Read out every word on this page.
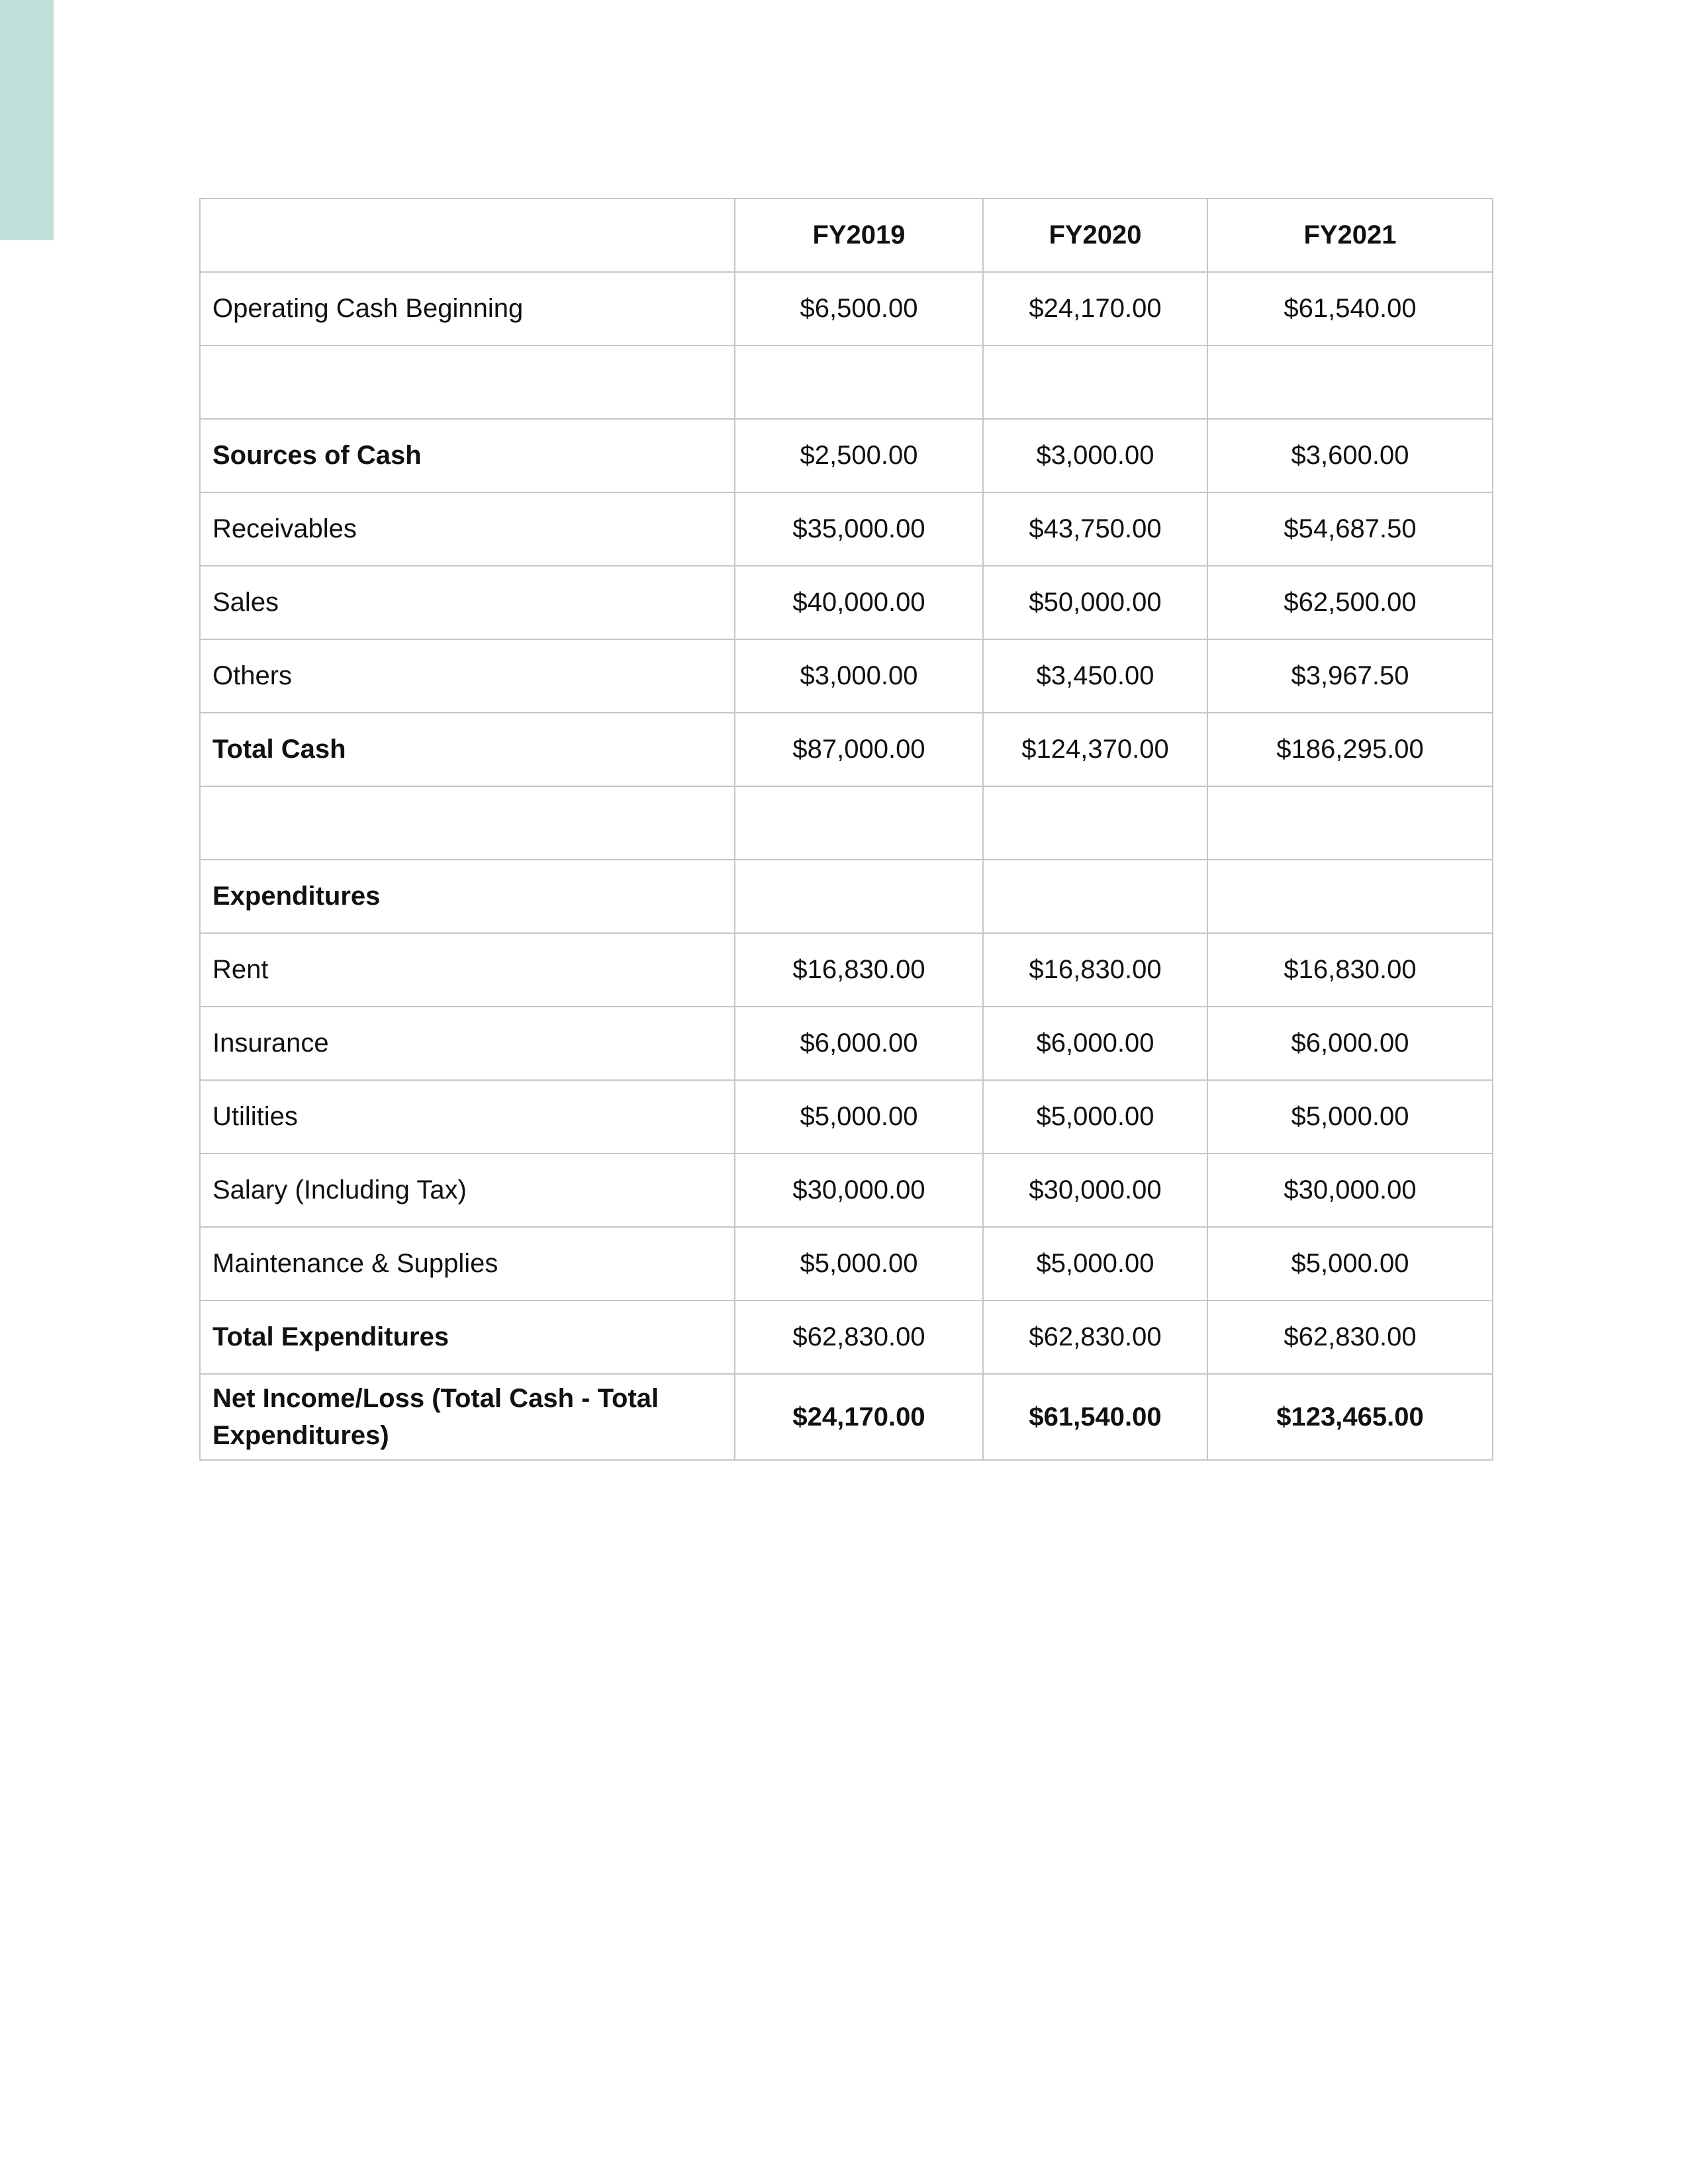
	FY2019	FY2020	FY2021
Operating Cash Beginning	$6,500.00	$24,170.00	$61,540.00

Sources of Cash	$2,500.00	$3,000.00	$3,600.00
Receivables	$35,000.00	$43,750.00	$54,687.50
Sales	$40,000.00	$50,000.00	$62,500.00
Others	$3,000.00	$3,450.00	$3,967.50
Total Cash	$87,000.00	$124,370.00	$186,295.00

Expenditures			
Rent	$16,830.00	$16,830.00	$16,830.00
Insurance	$6,000.00	$6,000.00	$6,000.00
Utilities	$5,000.00	$5,000.00	$5,000.00
Salary (Including Tax)	$30,000.00	$30,000.00	$30,000.00
Maintenance & Supplies	$5,000.00	$5,000.00	$5,000.00
Total Expenditures	$62,830.00	$62,830.00	$62,830.00
Net Income/Loss (Total Cash - Total Expenditures)	$24,170.00	$61,540.00	$123,465.00
